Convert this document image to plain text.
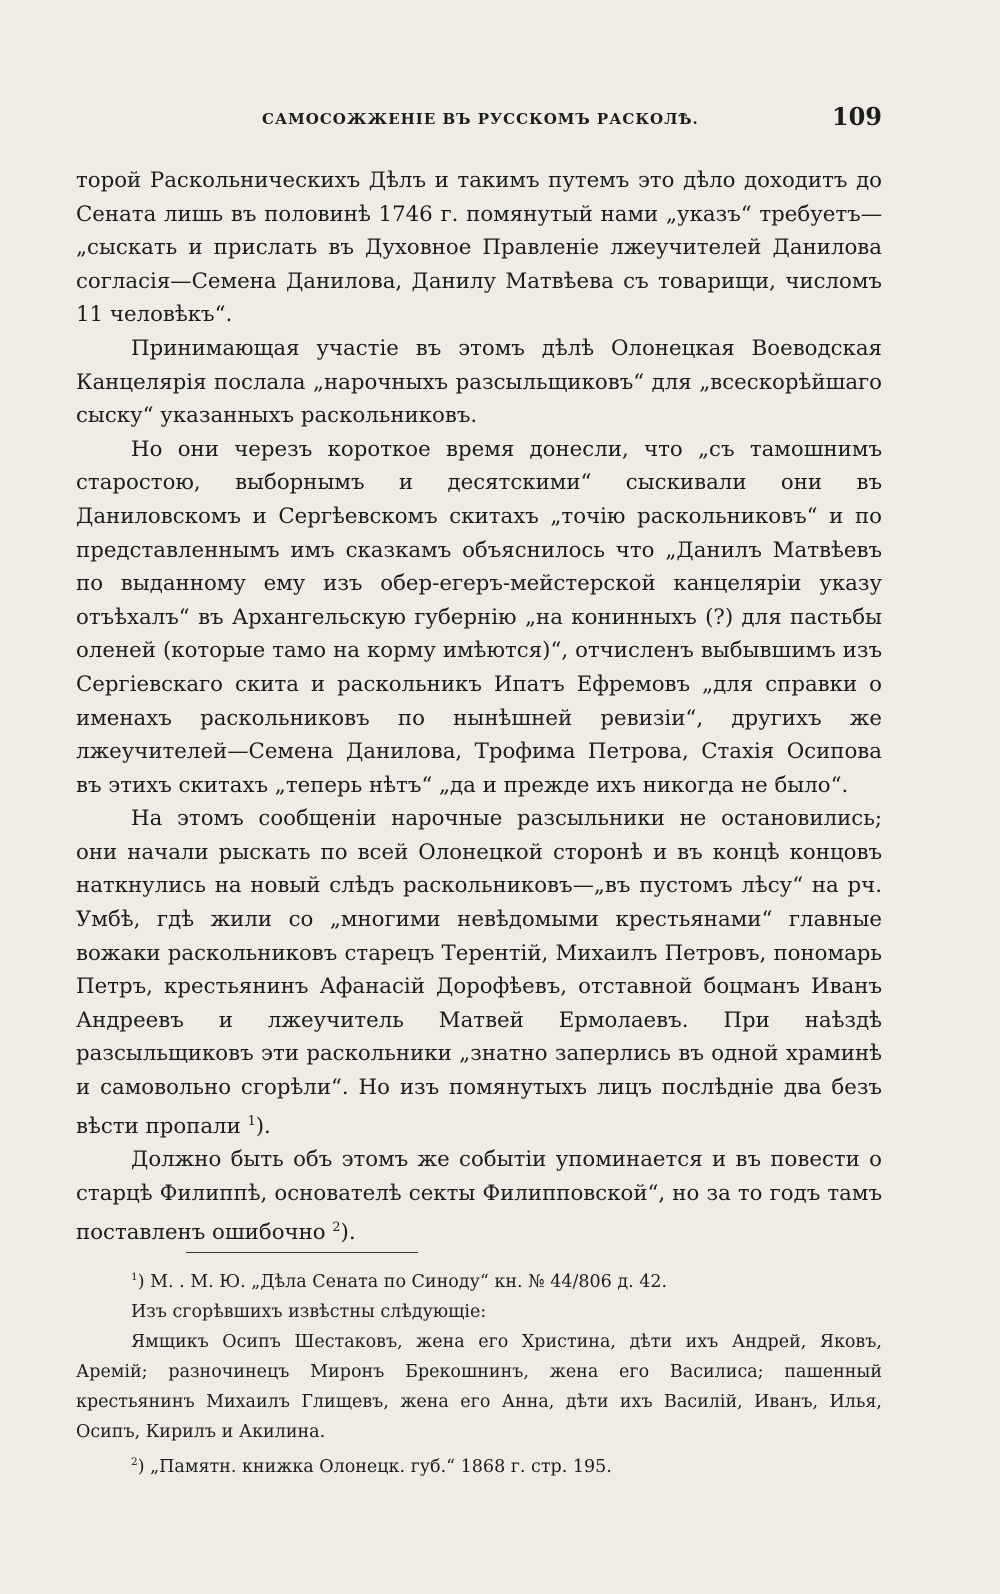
САМОСОЖЖЕНІЕ ВЪ РУССКОМЪ РАСКОЛѢ.	109

торой Раскольническихъ Дѣлъ и такимъ путемъ это дѣло доходитъ до Сената лишь въ половинѣ 1746 г. помянутый нами „указъ“ требуетъ— „сыскать и прислать въ Духовное Правленіе лжеучителей Данилова согласія—Семена Данилова, Данилу Матвѣева съ товарищи, числомъ 11 человѣкъ“.

Принимающая участіе въ этомъ дѣлѣ Олонецкая Воеводская Канцелярія послала „нарочныхъ разсыльщиковъ“ для „всескорѣйшаго сыску“ указанныхъ раскольниковъ.

Но они черезъ короткое время донесли, что „съ тамошнимъ старостою, выборнымъ и десятскими“ сыскивали они въ Даниловскомъ и Сергѣевскомъ скитахъ „точію раскольниковъ“ и по представленнымъ имъ сказкамъ объяснилось что „Данилъ Матвѣевъ по выданному ему изъ обер-егеръ-мейстерской канцеляріи указу отъѣхалъ“ въ Архангельскую губернію „на конинныхъ (?) для пастьбы оленей (которые тамо на корму имѣются)“, отчисленъ выбывшимъ изъ Сергіевскаго скита и раскольникъ Ипатъ Ефремовъ „для справки о именахъ раскольниковъ по нынѣшней ревизіи“, другихъ же лжеучителей—Семена Данилова, Трофима Петрова, Стахія Осипова въ этихъ скитахъ „теперь нѣтъ“ „да и прежде ихъ никогда не было“.

На этомъ сообщеніи нарочные разсыльники не остановились; они начали рыскать по всей Олонецкой сторонѣ и въ концѣ концовъ наткнулись на новый слѣдъ раскольниковъ—„въ пустомъ лѣсу“ на рч. Умбѣ, гдѣ жили со „многими невѣдомыми крестьянами“ главные вожаки раскольниковъ старецъ Терентій, Михаилъ Петровъ, пономарь Петръ, крестьянинъ Афанасій Дорофѣевъ, отставной боцманъ Иванъ Андреевъ и лжеучитель Матвей Ермолаевъ. При наѣздѣ разсыльщиковъ эти раскольники „знатно заперлись въ одной храминѣ и самовольно сгорѣли“. Но изъ помянутыхъ лицъ послѣдніе два безъ вѣсти пропали $^1$).

Должно быть объ этомъ же событіи упоминается и въ повести о старцѣ Филиппѣ, основателѣ секты Филипповской“, но за то годъ тамъ поставленъ ошибочно $^2$).

$^1$) М. . М. Ю. „Дѣла Сената по Синоду“ кн. № 44/806 д. 42.

Изъ сгорѣвшихъ извѣстны слѣдующіе:

Ямщикъ Осипъ Шестаковъ, жена его Христина, дѣти ихъ Андрей, Яковъ, Аремій; разночинецъ Миронъ Брекошнинъ, жена его Василиса; пашенный крестьянинъ Михаилъ Глищевъ, жена его Анна, дѣти ихъ Василій, Иванъ, Илья, Осипъ, Кирилъ и Акилина.

$^2$) „Памятн. книжка Олонецк. губ.“ 1868 г. стр. 195.
